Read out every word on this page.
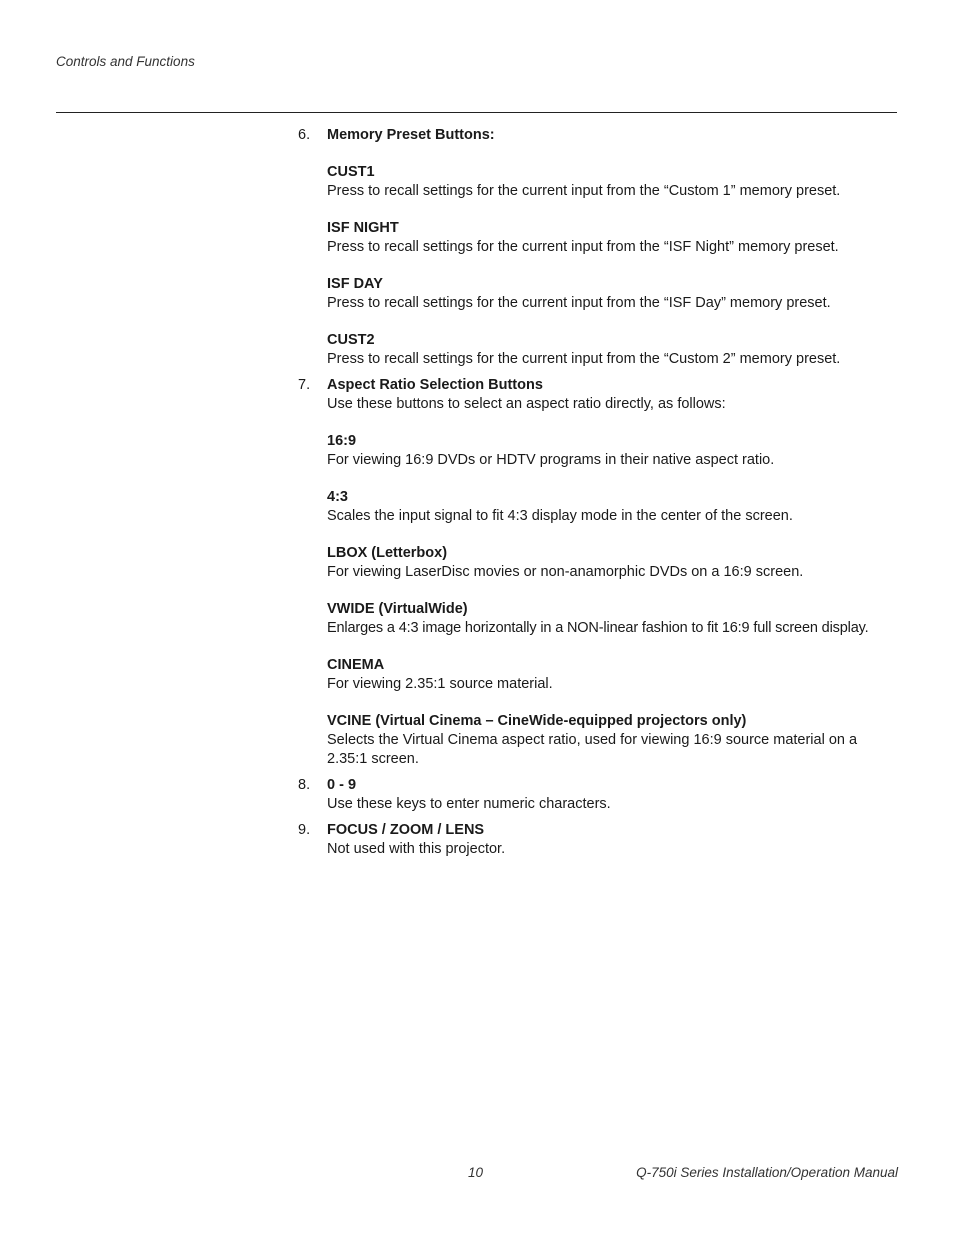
Controls and Functions
6. Memory Preset Buttons:
CUST1
Press to recall settings for the current input from the “Custom 1” memory preset.
ISF NIGHT
Press to recall settings for the current input from the “ISF Night” memory preset.
ISF DAY
Press to recall settings for the current input from the “ISF Day” memory preset.
CUST2
Press to recall settings for the current input from the “Custom 2” memory preset.
7. Aspect Ratio Selection Buttons
Use these buttons to select an aspect ratio directly, as follows:
16:9
For viewing 16:9 DVDs or HDTV programs in their native aspect ratio.
4:3
Scales the input signal to fit 4:3 display mode in the center of the screen.
LBOX (Letterbox)
For viewing LaserDisc movies or non-anamorphic DVDs on a 16:9 screen.
VWIDE (VirtualWide)
Enlarges a 4:3 image horizontally in a NON-linear fashion to fit 16:9 full screen display.
CINEMA
For viewing 2.35:1 source material.
VCINE (Virtual Cinema – CineWide-equipped projectors only)
Selects the Virtual Cinema aspect ratio, used for viewing 16:9 source material on a 2.35:1 screen.
8. 0 - 9
Use these keys to enter numeric characters.
9. FOCUS / ZOOM / LENS
Not used with this projector.
10	Q-750i Series Installation/Operation Manual
